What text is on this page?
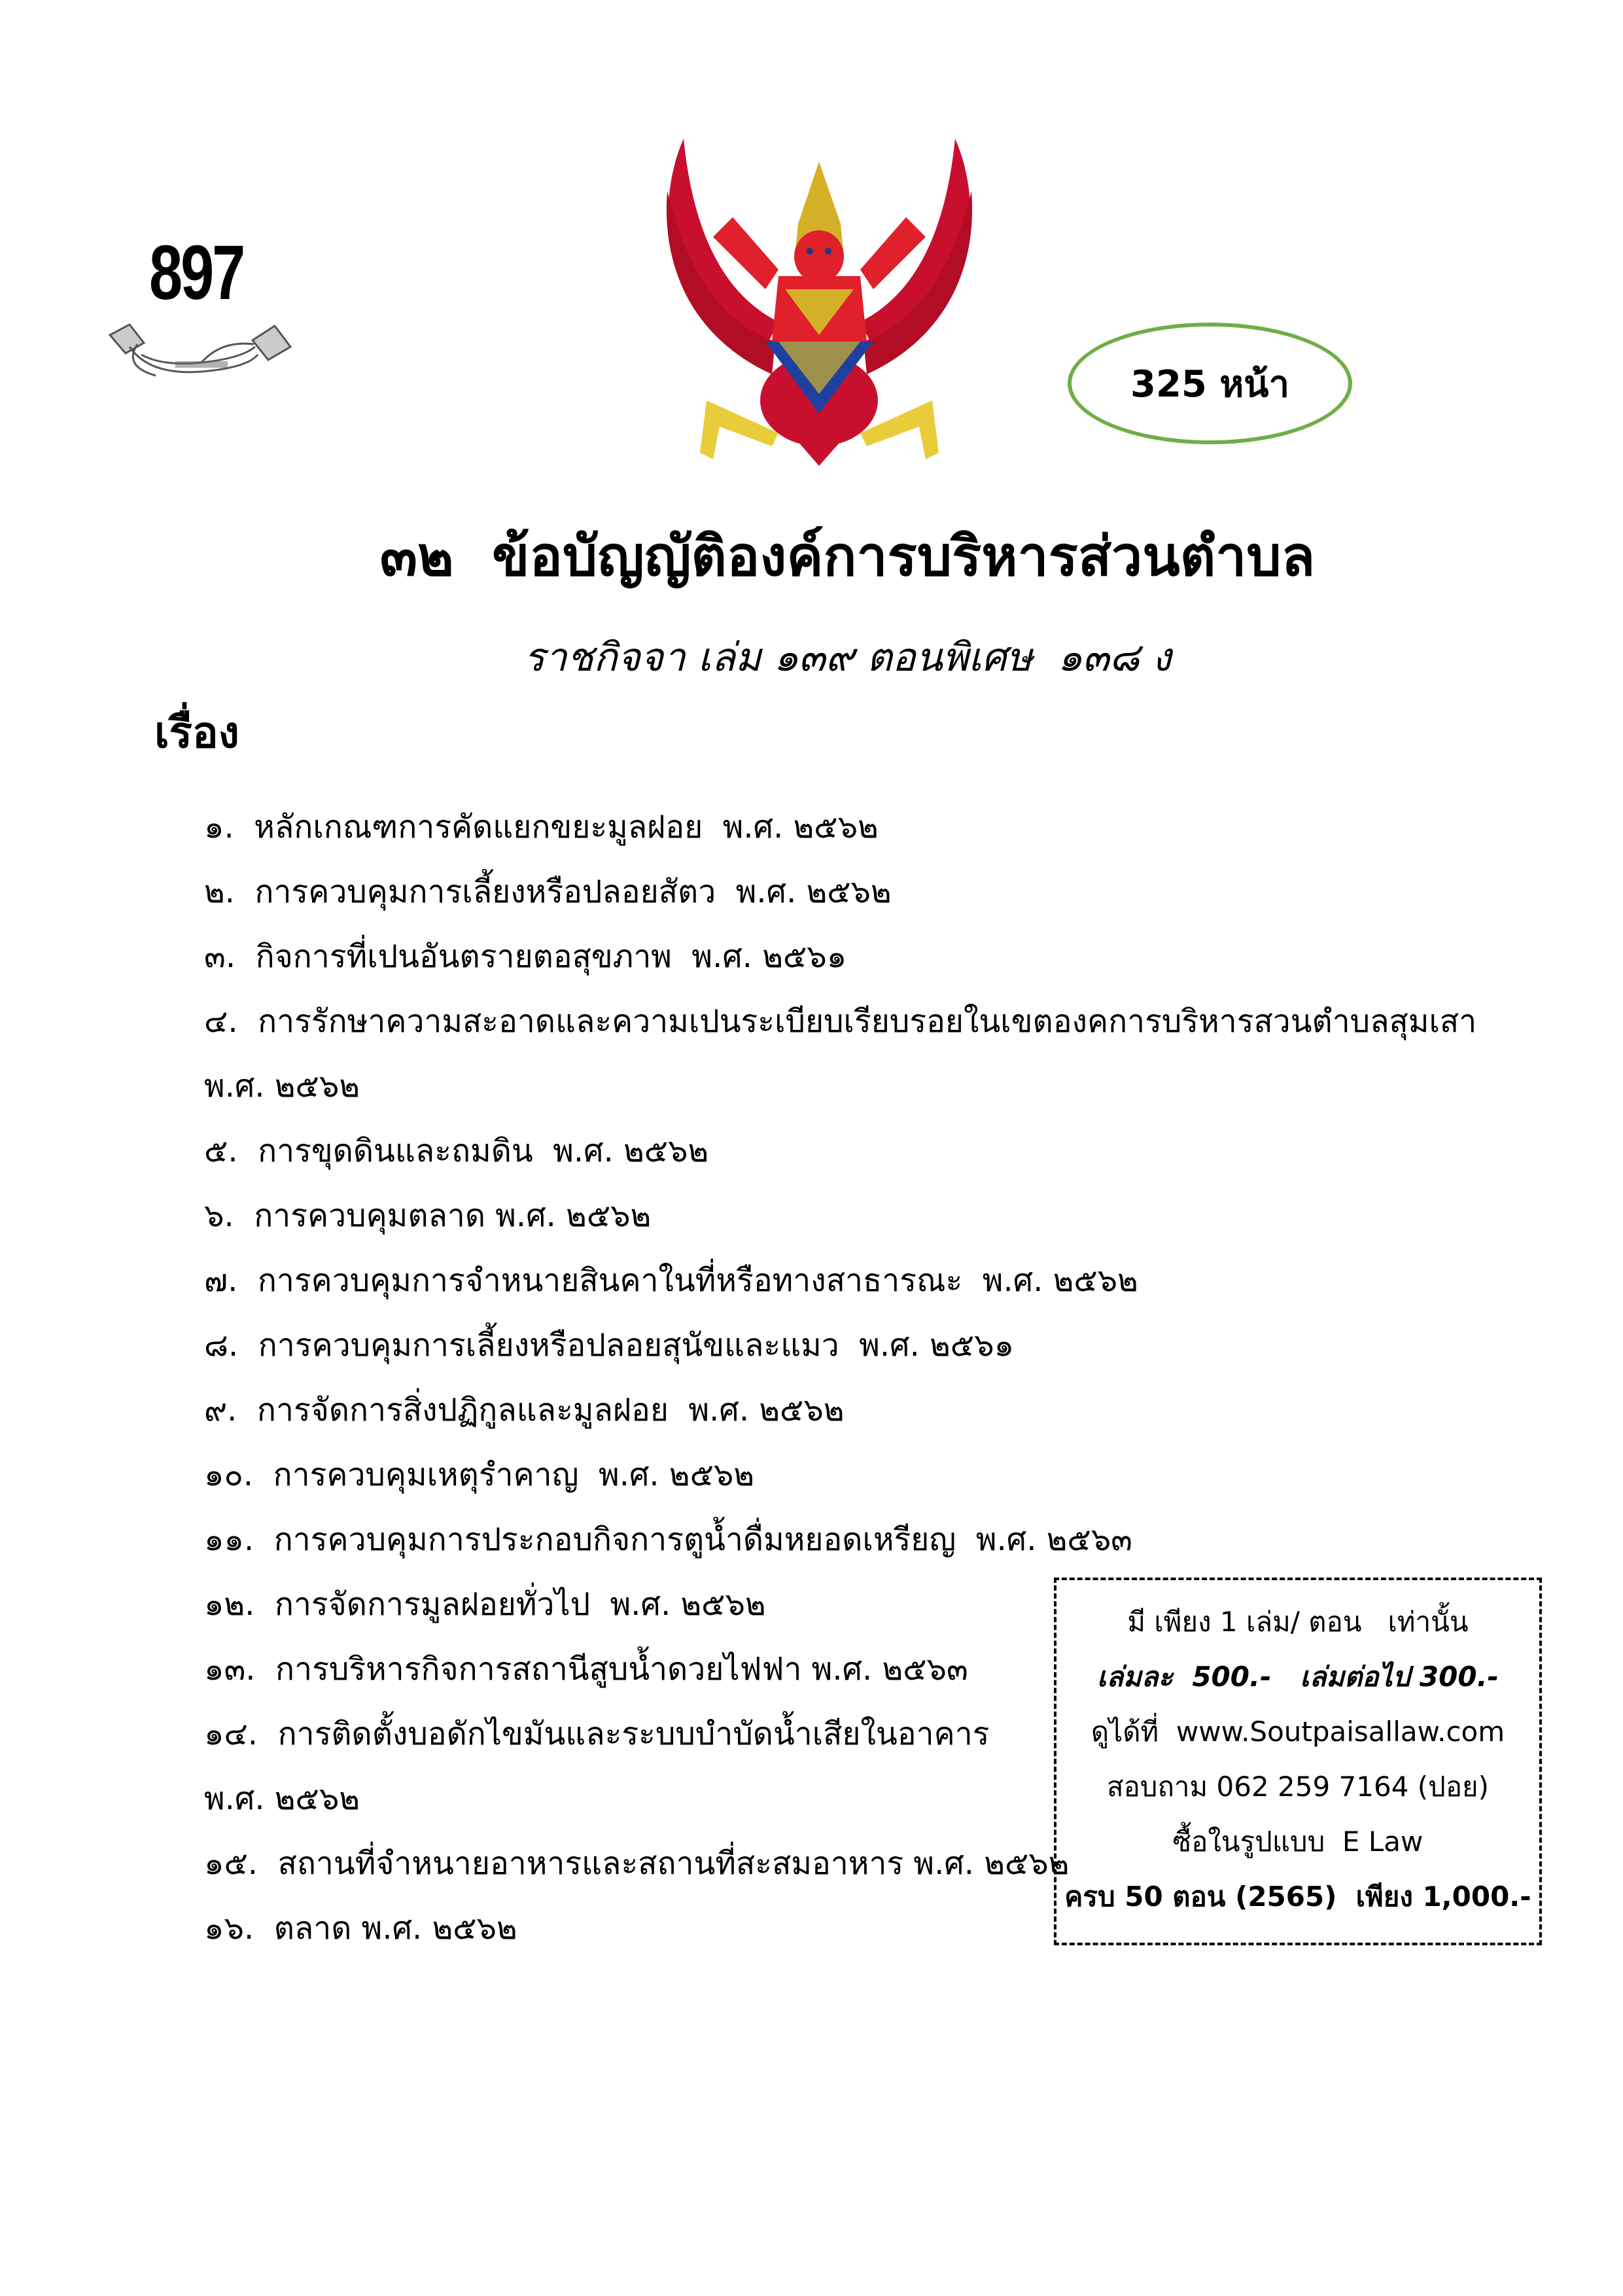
897
325 หน้า
๓๒  ข้อบัญญัติองค์การบริหารส่วนตำบล
ราชกิจจา เล่ม ๑๓๙ ตอนพิเศษ  ๑๓๘ ง
เรื่อง
๑.  หลักเกณฑการคัดแยกขยะมูลฝอย  พ.ศ. ๒๕๖๒
๒.  การควบคุมการเลี้ยงหรือปลอยสัตว  พ.ศ. ๒๕๖๒
๓.  กิจการที่เปนอันตรายตอสุขภาพ  พ.ศ. ๒๕๖๑
๔.  การรักษาความสะอาดและความเปนระเบียบเรียบรอยในเขตองคการบริหารสวนตำบลสุมเสา
พ.ศ. ๒๕๖๒
๕.  การขุดดินและถมดิน  พ.ศ. ๒๕๖๒
๖.  การควบคุมตลาด พ.ศ. ๒๕๖๒
๗.  การควบคุมการจำหนายสินคาในที่หรือทางสาธารณะ  พ.ศ. ๒๕๖๒
๘.  การควบคุมการเลี้ยงหรือปลอยสุนัขและแมว  พ.ศ. ๒๕๖๑
๙.  การจัดการสิ่งปฏิกูลและมูลฝอย  พ.ศ. ๒๕๖๒
๑๐.  การควบคุมเหตุรำคาญ  พ.ศ. ๒๕๖๒
๑๑.  การควบคุมการประกอบกิจการตูน้ำดื่มหยอดเหรียญ  พ.ศ. ๒๕๖๓
๑๒.  การจัดการมูลฝอยทั่วไป  พ.ศ. ๒๕๖๒
๑๓.  การบริหารกิจการสถานีสูบน้ำดวยไฟฟา พ.ศ. ๒๕๖๓
๑๔.  การติดตั้งบอดักไขมันและระบบบำบัดน้ำเสียในอาคาร
พ.ศ. ๒๕๖๒
๑๕.  สถานที่จำหนายอาหารและสถานที่สะสมอาหาร พ.ศ. ๒๕๖๒
๑๖.  ตลาด พ.ศ. ๒๕๖๒
มี เพียง 1 เล่ม/ ตอน   เท่านั้น
เล่มละ  500.-   เล่มต่อไป 300.-
ดูได้ที่  www.Soutpaisallaw.com
สอบถาม 062 259 7164 (ปอย)
ซื้อในรูปแบบ  E Law
ครบ 50 ตอน (2565)  เพียง 1,000.-
